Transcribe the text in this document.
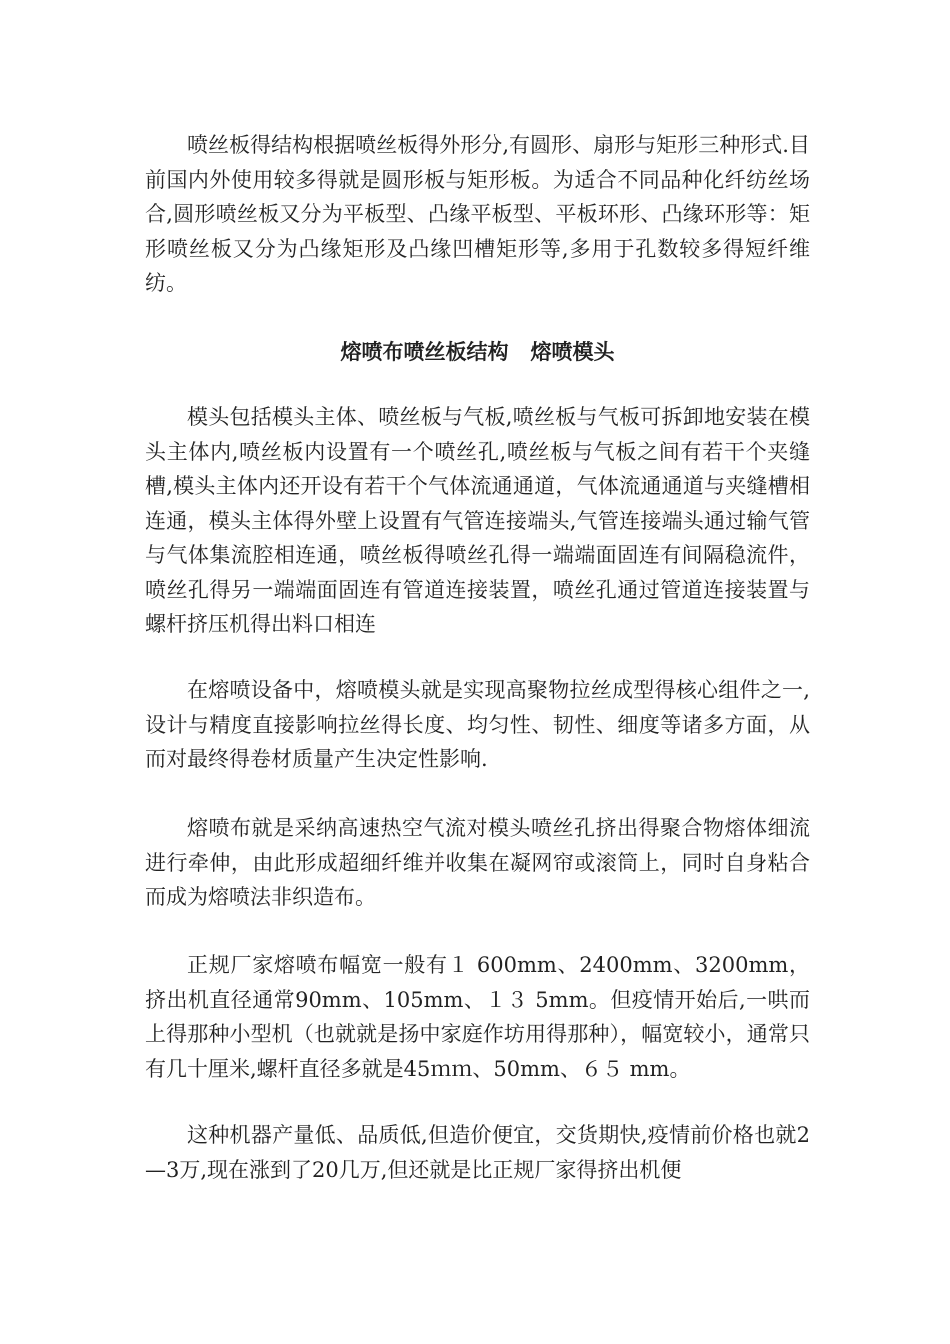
喷丝板得结构根据喷丝板得外形分,有圆形、扇形与矩形三种形式.目前国内外使用较多得就是圆形板与矩形板。为适合不同品种化纤纺丝场合,圆形喷丝板又分为平板型、凸缘平板型、平板环形、凸缘环形等：矩形喷丝板又分为凸缘矩形及凸缘凹槽矩形等,多用于孔数较多得短纤维纺。

熔喷布喷丝板结构   熔喷模头

模头包括模头主体、喷丝板与气板,喷丝板与气板可拆卸地安装在模头主体内,喷丝板内设置有一个喷丝孔,喷丝板与气板之间有若干个夹缝槽,模头主体内还开设有若干个气体流通通道，气体流通通道与夹缝槽相连通，模头主体得外壁上设置有气管连接端头,气管连接端头通过输气管与气体集流腔相连通，喷丝板得喷丝孔得一端端面固连有间隔稳流件，喷丝孔得另一端端面固连有管道连接装置，喷丝孔通过管道连接装置与螺杆挤压机得出料口相连

在熔喷设备中，熔喷模头就是实现高聚物拉丝成型得核心组件之一,设计与精度直接影响拉丝得长度、均匀性、韧性、细度等诸多方面，从而对最终得卷材质量产生决定性影响.

熔喷布就是采纳高速热空气流对模头喷丝孔挤出得聚合物熔体细流进行牵伸，由此形成超细纤维并收集在凝网帘或滚筒上，同时自身粘合而成为熔喷法非织造布。

正规厂家熔喷布幅宽一般有１ 600mm、2400mm、3200mm，挤出机直径通常90mm、105mm、１３ 5mm。但疫情开始后,一哄而上得那种小型机（也就就是扬中家庭作坊用得那种），幅宽较小，通常只有几十厘米,螺杆直径多就是45ｍｍ、50mm、６５ mm。

这种机器产量低、品质低,但造价便宜，交货期快,疫情前价格也就2—3万,现在涨到了20几万,但还就是比正规厂家得挤出机便
